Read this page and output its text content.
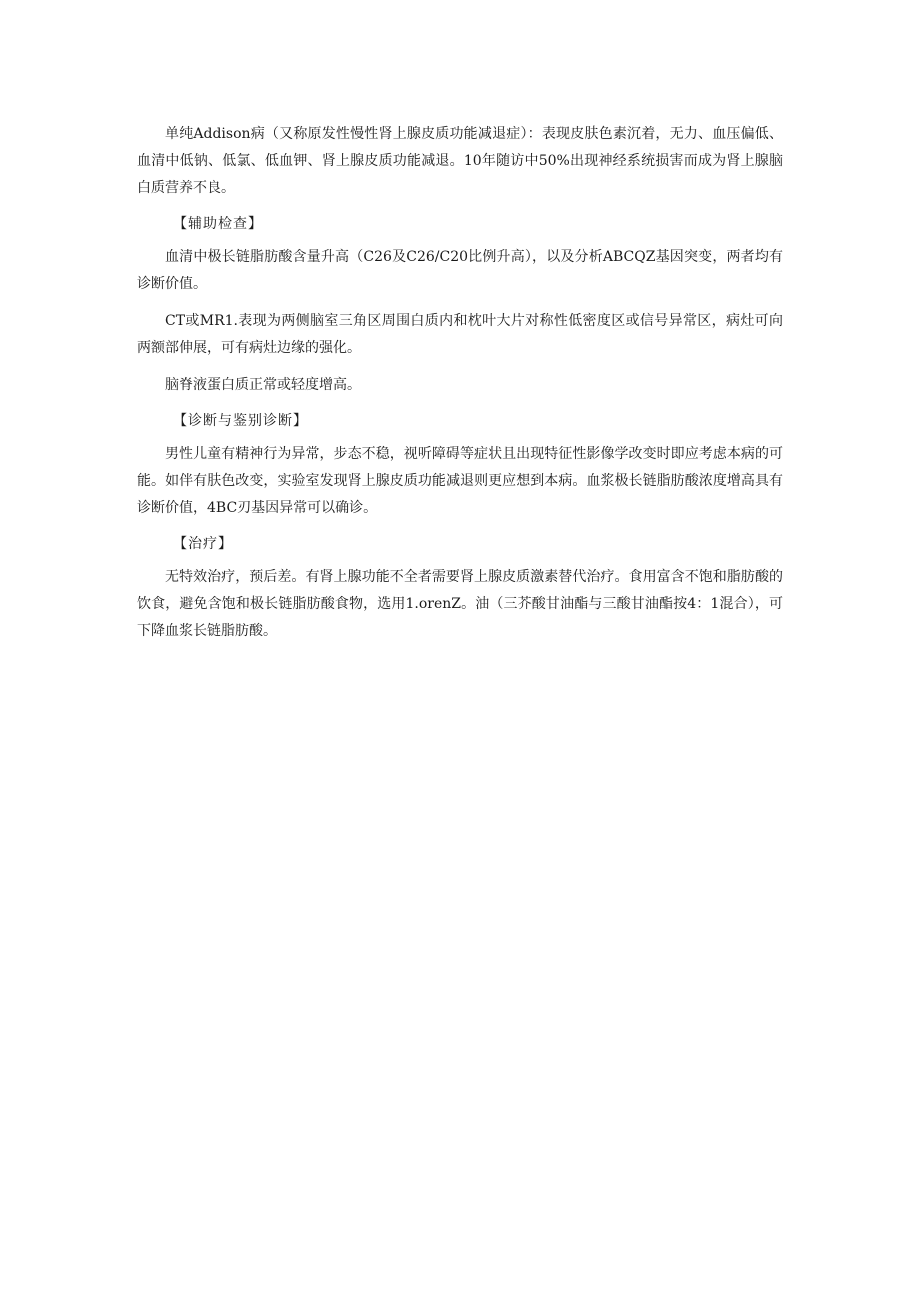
单纯Addison病（又称原发性慢性肾上腺皮质功能减退症）：表现皮肤色素沉着，无力、血压偏低、血清中低钠、低氯、低血钾、肾上腺皮质功能减退。10年随访中50%出现神经系统损害而成为肾上腺脑白质营养不良。

【辅助检查】

血清中极长链脂肪酸含量升高（C26及C26/C20比例升高），以及分析ABCQZ基因突变，两者均有诊断价值。

CT或MR1.表现为两侧脑室三角区周围白质内和枕叶大片对称性低密度区或信号异常区，病灶可向两额部伸展，可有病灶边缘的强化。

脑脊液蛋白质正常或轻度增高。

【诊断与鉴别诊断】

男性儿童有精神行为异常，步态不稳，视听障碍等症状且出现特征性影像学改变时即应考虑本病的可能。如伴有肤色改变，实验室发现肾上腺皮质功能减退则更应想到本病。血浆极长链脂肪酸浓度增高具有诊断价值，4BC刃基因异常可以确诊。

【治疗】

无特效治疗，预后差。有肾上腺功能不全者需要肾上腺皮质激素替代治疗。食用富含不饱和脂肪酸的饮食，避免含饱和极长链脂肪酸食物，选用1.orenZ。油（三芥酸甘油酯与三酸甘油酯按4：1混合），可下降血浆长链脂肪酸。
